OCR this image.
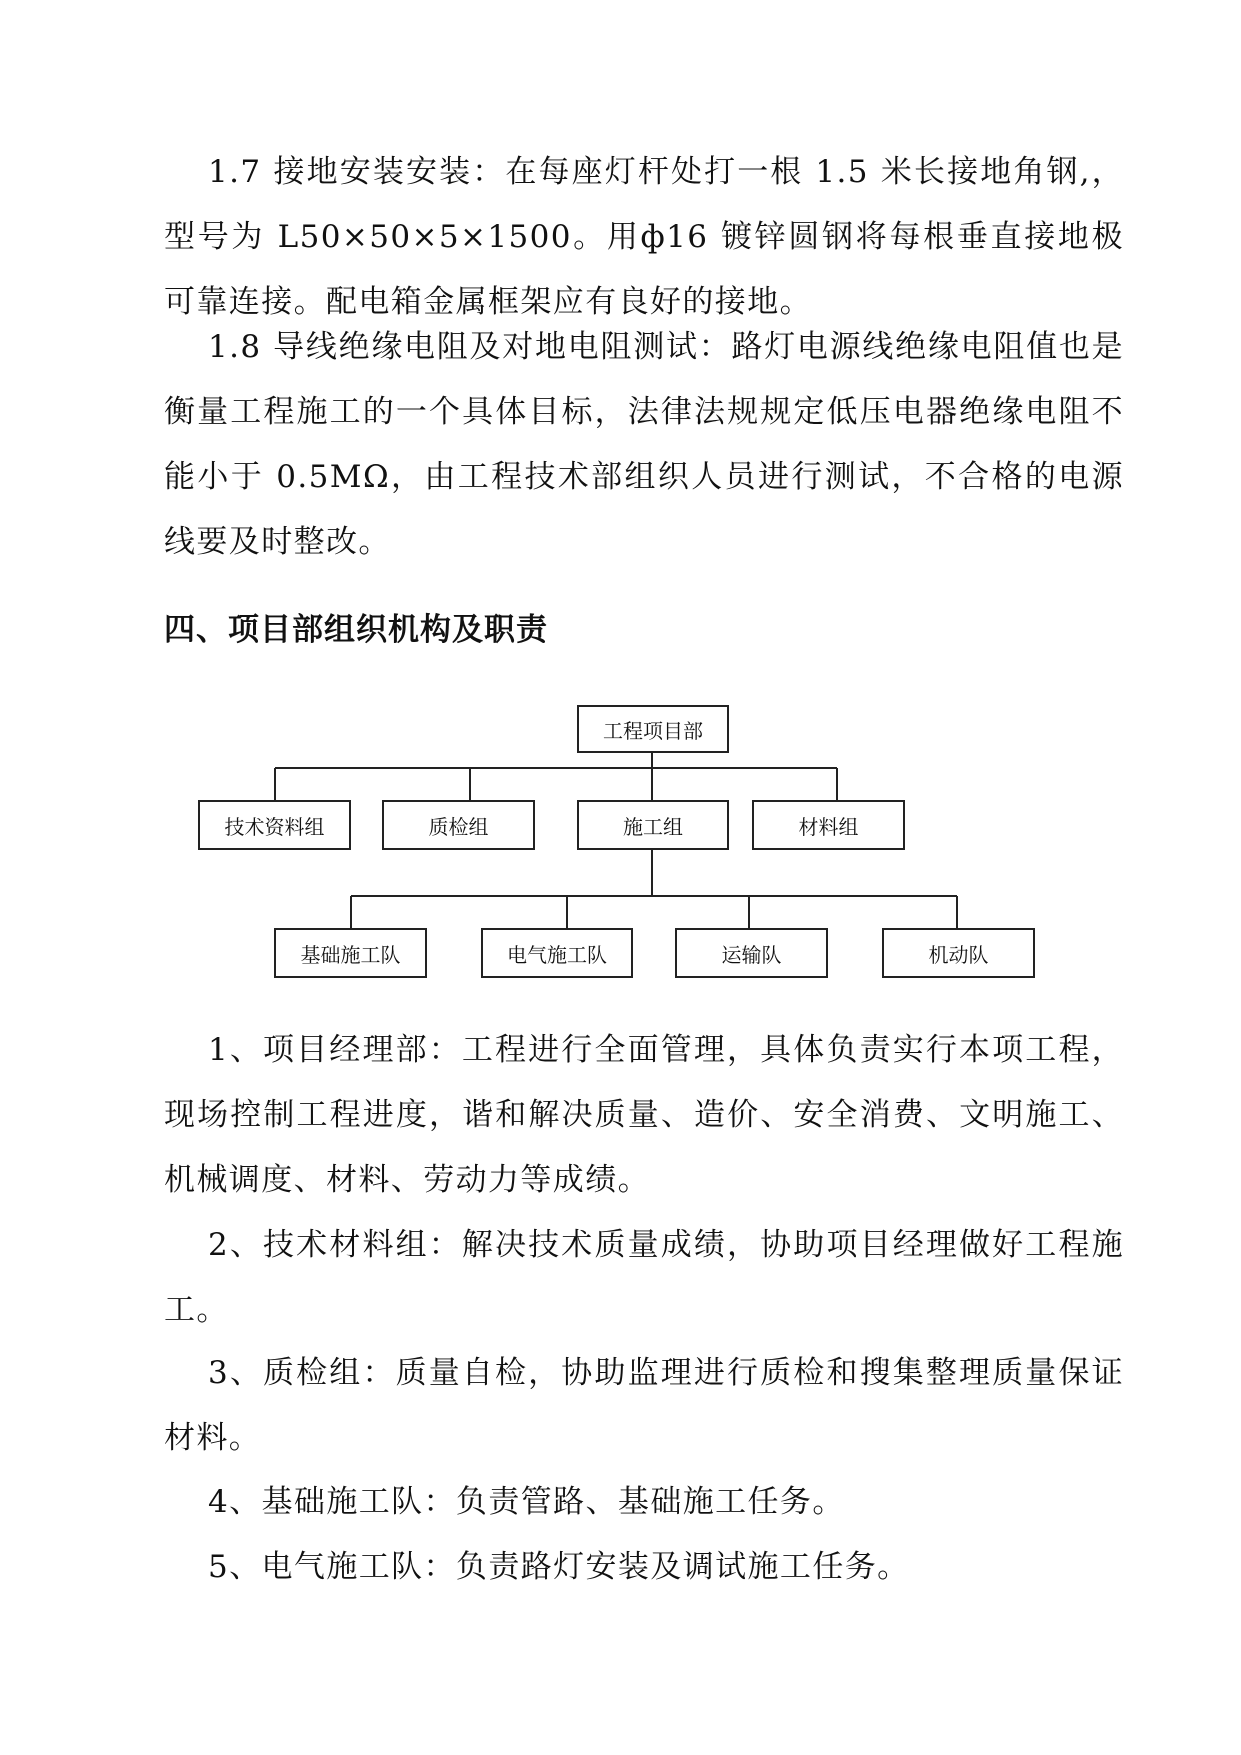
1.7 接地安装安装：在每座灯杆处打一根 1.5 米长接地角钢,，型号为 L50×50×5×1500。用ф16 镀锌圆钢将每根垂直接地极可靠连接。配电箱金属框架应有良好的接地。

1.8 导线绝缘电阻及对地电阻测试：路灯电源线绝缘电阻值也是衡量工程施工的一个具体目标，法律法规规定低压电器绝缘电阻不能小于 0.5MΩ，由工程技术部组织人员进行测试，不合格的电源线要及时整改。

四、项目部组织机构及职责
工程项目部
技术资料组	质检组	施工组	材料组
基础施工队	电气施工队	运输队	机动队

1、项目经理部：工程进行全面管理，具体负责实行本项工程，现场控制工程进度，谐和解决质量、造价、安全消费、文明施工、机械调度、材料、劳动力等成绩。

2、技术材料组：解决技术质量成绩，协助项目经理做好工程施工。

3、质检组：质量自检，协助监理进行质检和搜集整理质量保证材料。

4、基础施工队：负责管路、基础施工任务。

5、电气施工队：负责路灯安装及调试施工任务。
